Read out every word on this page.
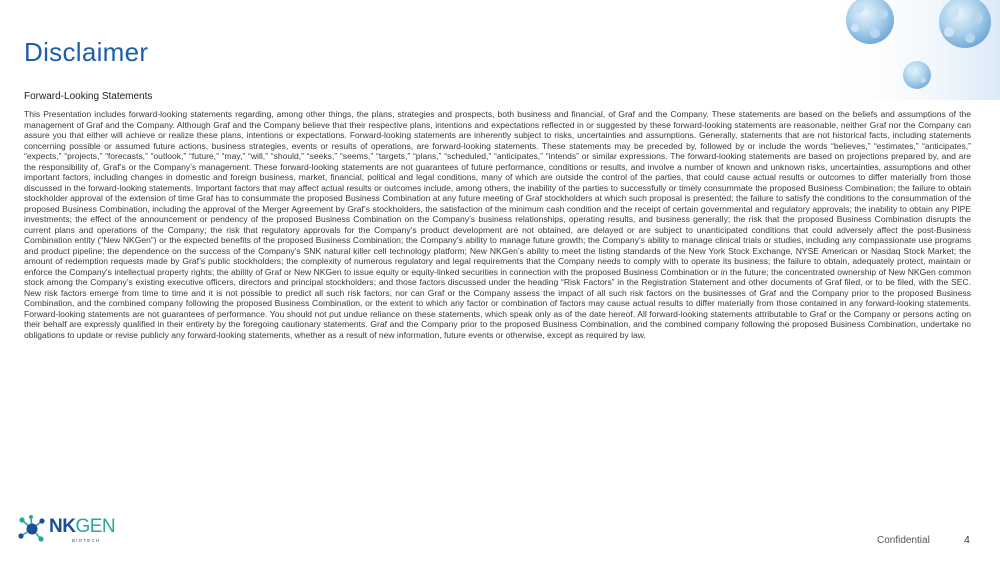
Disclaimer
Forward-Looking Statements

This Presentation includes forward-looking statements regarding, among other things, the plans, strategies and prospects, both business and financial, of Graf and the Company. These statements are based on the beliefs and assumptions of the management of Graf and the Company. Although Graf and the Company believe that their respective plans, intentions and expectations reflected in or suggested by these forward-looking statements are reasonable, neither Graf nor the Company can assure you that either will achieve or realize these plans, intentions or expectations. Forward-looking statements are inherently subject to risks, uncertainties and assumptions. Generally, statements that are not historical facts, including statements concerning possible or assumed future actions, business strategies, events or results of operations, are forward-looking statements. These statements may be preceded by, followed by or include the words “believes,” “estimates,” “anticipates,” “expects,” “projects,” “forecasts,” “outlook,” “future,” “may,” “will,” “should,” “seeks,” “seems,” “targets,” “plans,” “scheduled,” “anticipates,” “intends” or similar expressions. The forward-looking statements are based on projections prepared by, and are the responsibility of, Graf’s or the Company’s management. These forward-looking statements are not guarantees of future performance, conditions or results, and involve a number of known and unknown risks, uncertainties, assumptions and other important factors, including changes in domestic and foreign business, market, financial, political and legal conditions, many of which are outside the control of the parties, that could cause actual results or outcomes to differ materially from those discussed in the forward-looking statements. Important factors that may affect actual results or outcomes include, among others, the inability of the parties to successfully or timely consummate the proposed Business Combination; the failure to obtain stockholder approval of the extension of time Graf has to consummate the proposed Business Combination at any future meeting of Graf stockholders at which such proposal is presented; the failure to satisfy the conditions to the consummation of the proposed Business Combination, including the approval of the Merger Agreement by Graf’s stockholders, the satisfaction of the minimum cash condition and the receipt of certain governmental and regulatory approvals; the inability to obtain any PIPE investments; the effect of the announcement or pendency of the proposed Business Combination on the Company’s business relationships, operating results, and business generally; the risk that the proposed Business Combination disrupts the current plans and operations of the Company; the risk that regulatory approvals for the Company’s product development are not obtained, are delayed or are subject to unanticipated conditions that could adversely affect the post-Business Combination entity (“New NKGen”) or the expected benefits of the proposed Business Combination; the Company’s ability to manage future growth; the Company’s ability to manage clinical trials or studies, including any compassionate use programs and product pipeline; the dependence on the success of the Company’s SNK natural killer cell technology platform; New NKGen’s ability to meet the listing standards of the New York Stock Exchange, NYSE American or Nasdaq Stock Market; the amount of redemption requests made by Graf’s public stockholders; the complexity of numerous regulatory and legal requirements that the Company needs to comply with to operate its business; the failure to obtain, adequately protect, maintain or enforce the Company’s intellectual property rights; the ability of Graf or New NKGen to issue equity or equity-linked securities in connection with the proposed Business Combination or in the future; the concentrated ownership of New NKGen common stock among the Company’s existing executive officers, directors and principal stockholders; and those factors discussed under the heading “Risk Factors” in the Registration Statement and other documents of Graf filed, or to be filed, with the SEC. New risk factors emerge from time to time and it is not possible to predict all such risk factors, nor can Graf or the Company assess the impact of all such risk factors on the businesses of Graf and the Company prior to the proposed Business Combination, and the combined company following the proposed Business Combination, or the extent to which any factor or combination of factors may cause actual results to differ materially from those contained in any forward-looking statements. Forward-looking statements are not guarantees of performance. You should not put undue reliance on these statements, which speak only as of the date hereof. All forward-looking statements attributable to Graf or the Company or persons acting on their behalf are expressly qualified in their entirety by the foregoing cautionary statements. Graf and the Company prior to the proposed Business Combination, and the combined company following the proposed Business Combination, undertake no obligations to update or revise publicly any forward-looking statements, whether as a result of new information, future events or otherwise, except as required by law.

NKGEN
BIOTECH	Confidential	4
